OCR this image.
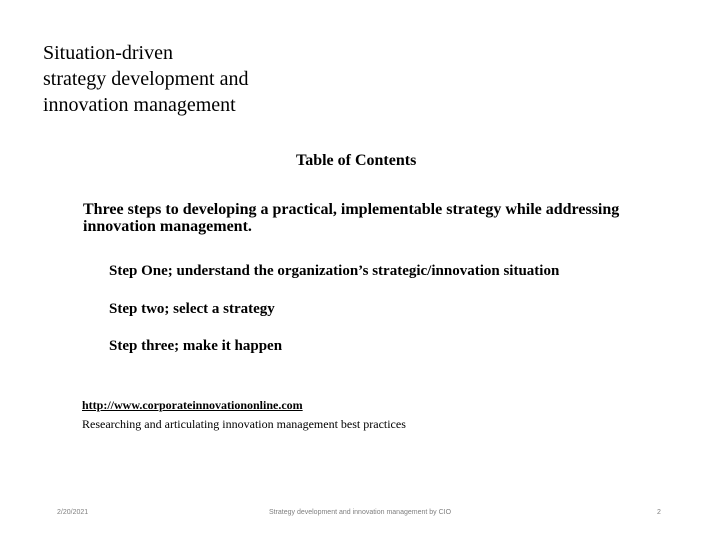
Situation-driven
strategy development and
innovation management
Table of Contents
Three steps to developing a practical, implementable strategy while addressing innovation management.
Step One; understand the organization’s strategic/innovation situation
Step two; select a strategy
Step three; make it happen
http://www.corporateinnovationonline.com
Researching and articulating innovation management best practices
2/20/2021	Strategy development and innovation management by CIO	2
